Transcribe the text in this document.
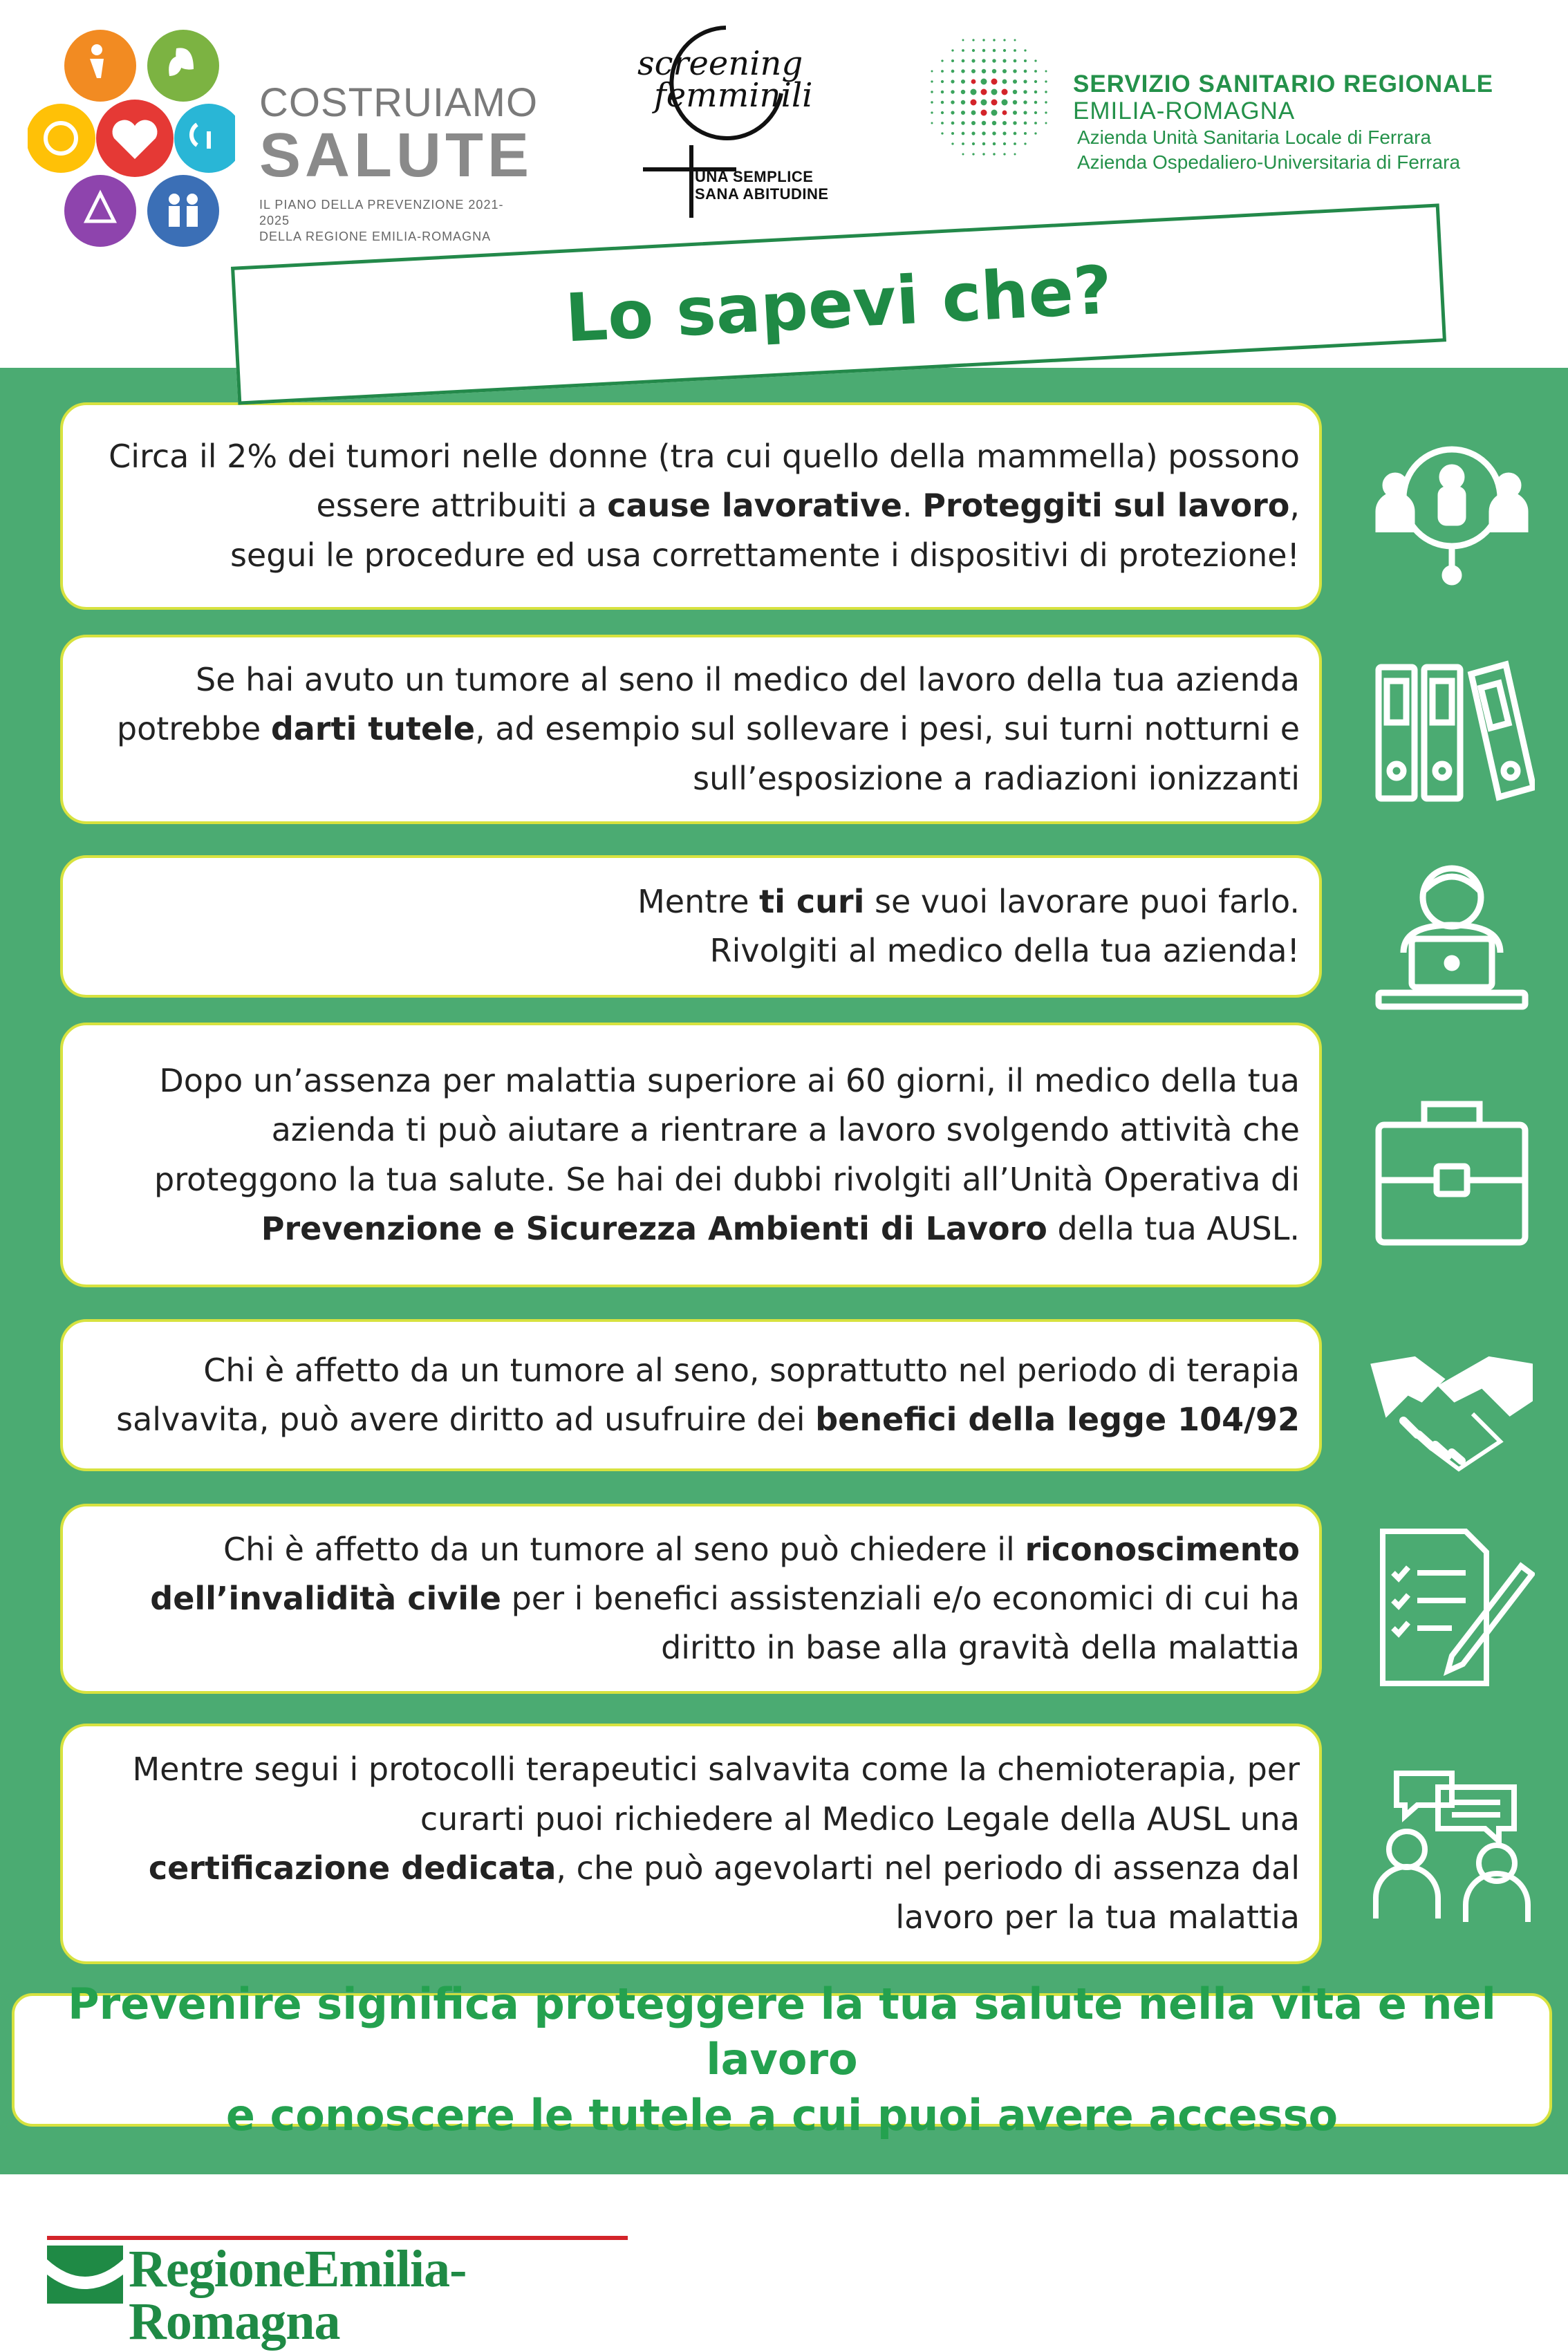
COSTRUIAMO
SALUTE
IL PIANO DELLA PREVENZIONE 2021-2025
DELLA REGIONE EMILIA-ROMAGNA
screening
femminili
UNA SEMPLICE
SANA ABITUDINE
SERVIZIO SANITARIO REGIONALE
EMILIA-ROMAGNA
Azienda Unità Sanitaria Locale di Ferrara
Azienda Ospedaliero-Universitaria di Ferrara
Lo sapevi che?

Circa il 2% dei tumori nelle donne (tra cui quello della mammella) possono
essere attribuiti a cause lavorative. Proteggiti sul lavoro,
segui le procedure ed usa correttamente i dispositivi di protezione!

Se hai avuto un tumore al seno il medico del lavoro della tua azienda
potrebbe darti tutele, ad esempio sul sollevare i pesi, sui turni notturni e
sull’esposizione a radiazioni ionizzanti

Mentre ti curi se vuoi lavorare puoi farlo.
Rivolgiti al medico della tua azienda!

Dopo un’assenza per malattia superiore ai 60 giorni, il medico della tua
azienda ti può aiutare a rientrare a lavoro svolgendo attività che
proteggono la tua salute. Se hai dei dubbi rivolgiti all’Unità Operativa di
Prevenzione e Sicurezza Ambienti di Lavoro della tua AUSL.

Chi è affetto da un tumore al seno, soprattutto nel periodo di terapia
salvavita, può avere diritto ad usufruire dei benefici della legge 104/92

Chi è affetto da un tumore al seno può chiedere il riconoscimento
dell’invalidità civile per i benefici assistenziali e/o economici di cui ha
diritto in base alla gravità della malattia

Mentre segui i protocolli terapeutici salvavita come la chemioterapia, per
curarti puoi richiedere al Medico Legale della AUSL una
certificazione dedicata, che può agevolarti nel periodo di assenza dal
lavoro per la tua malattia

Prevenire significa proteggere la tua salute nella vita e nel lavoro
e conoscere le tutele a cui puoi avere accesso
RegioneEmilia-Romagna
